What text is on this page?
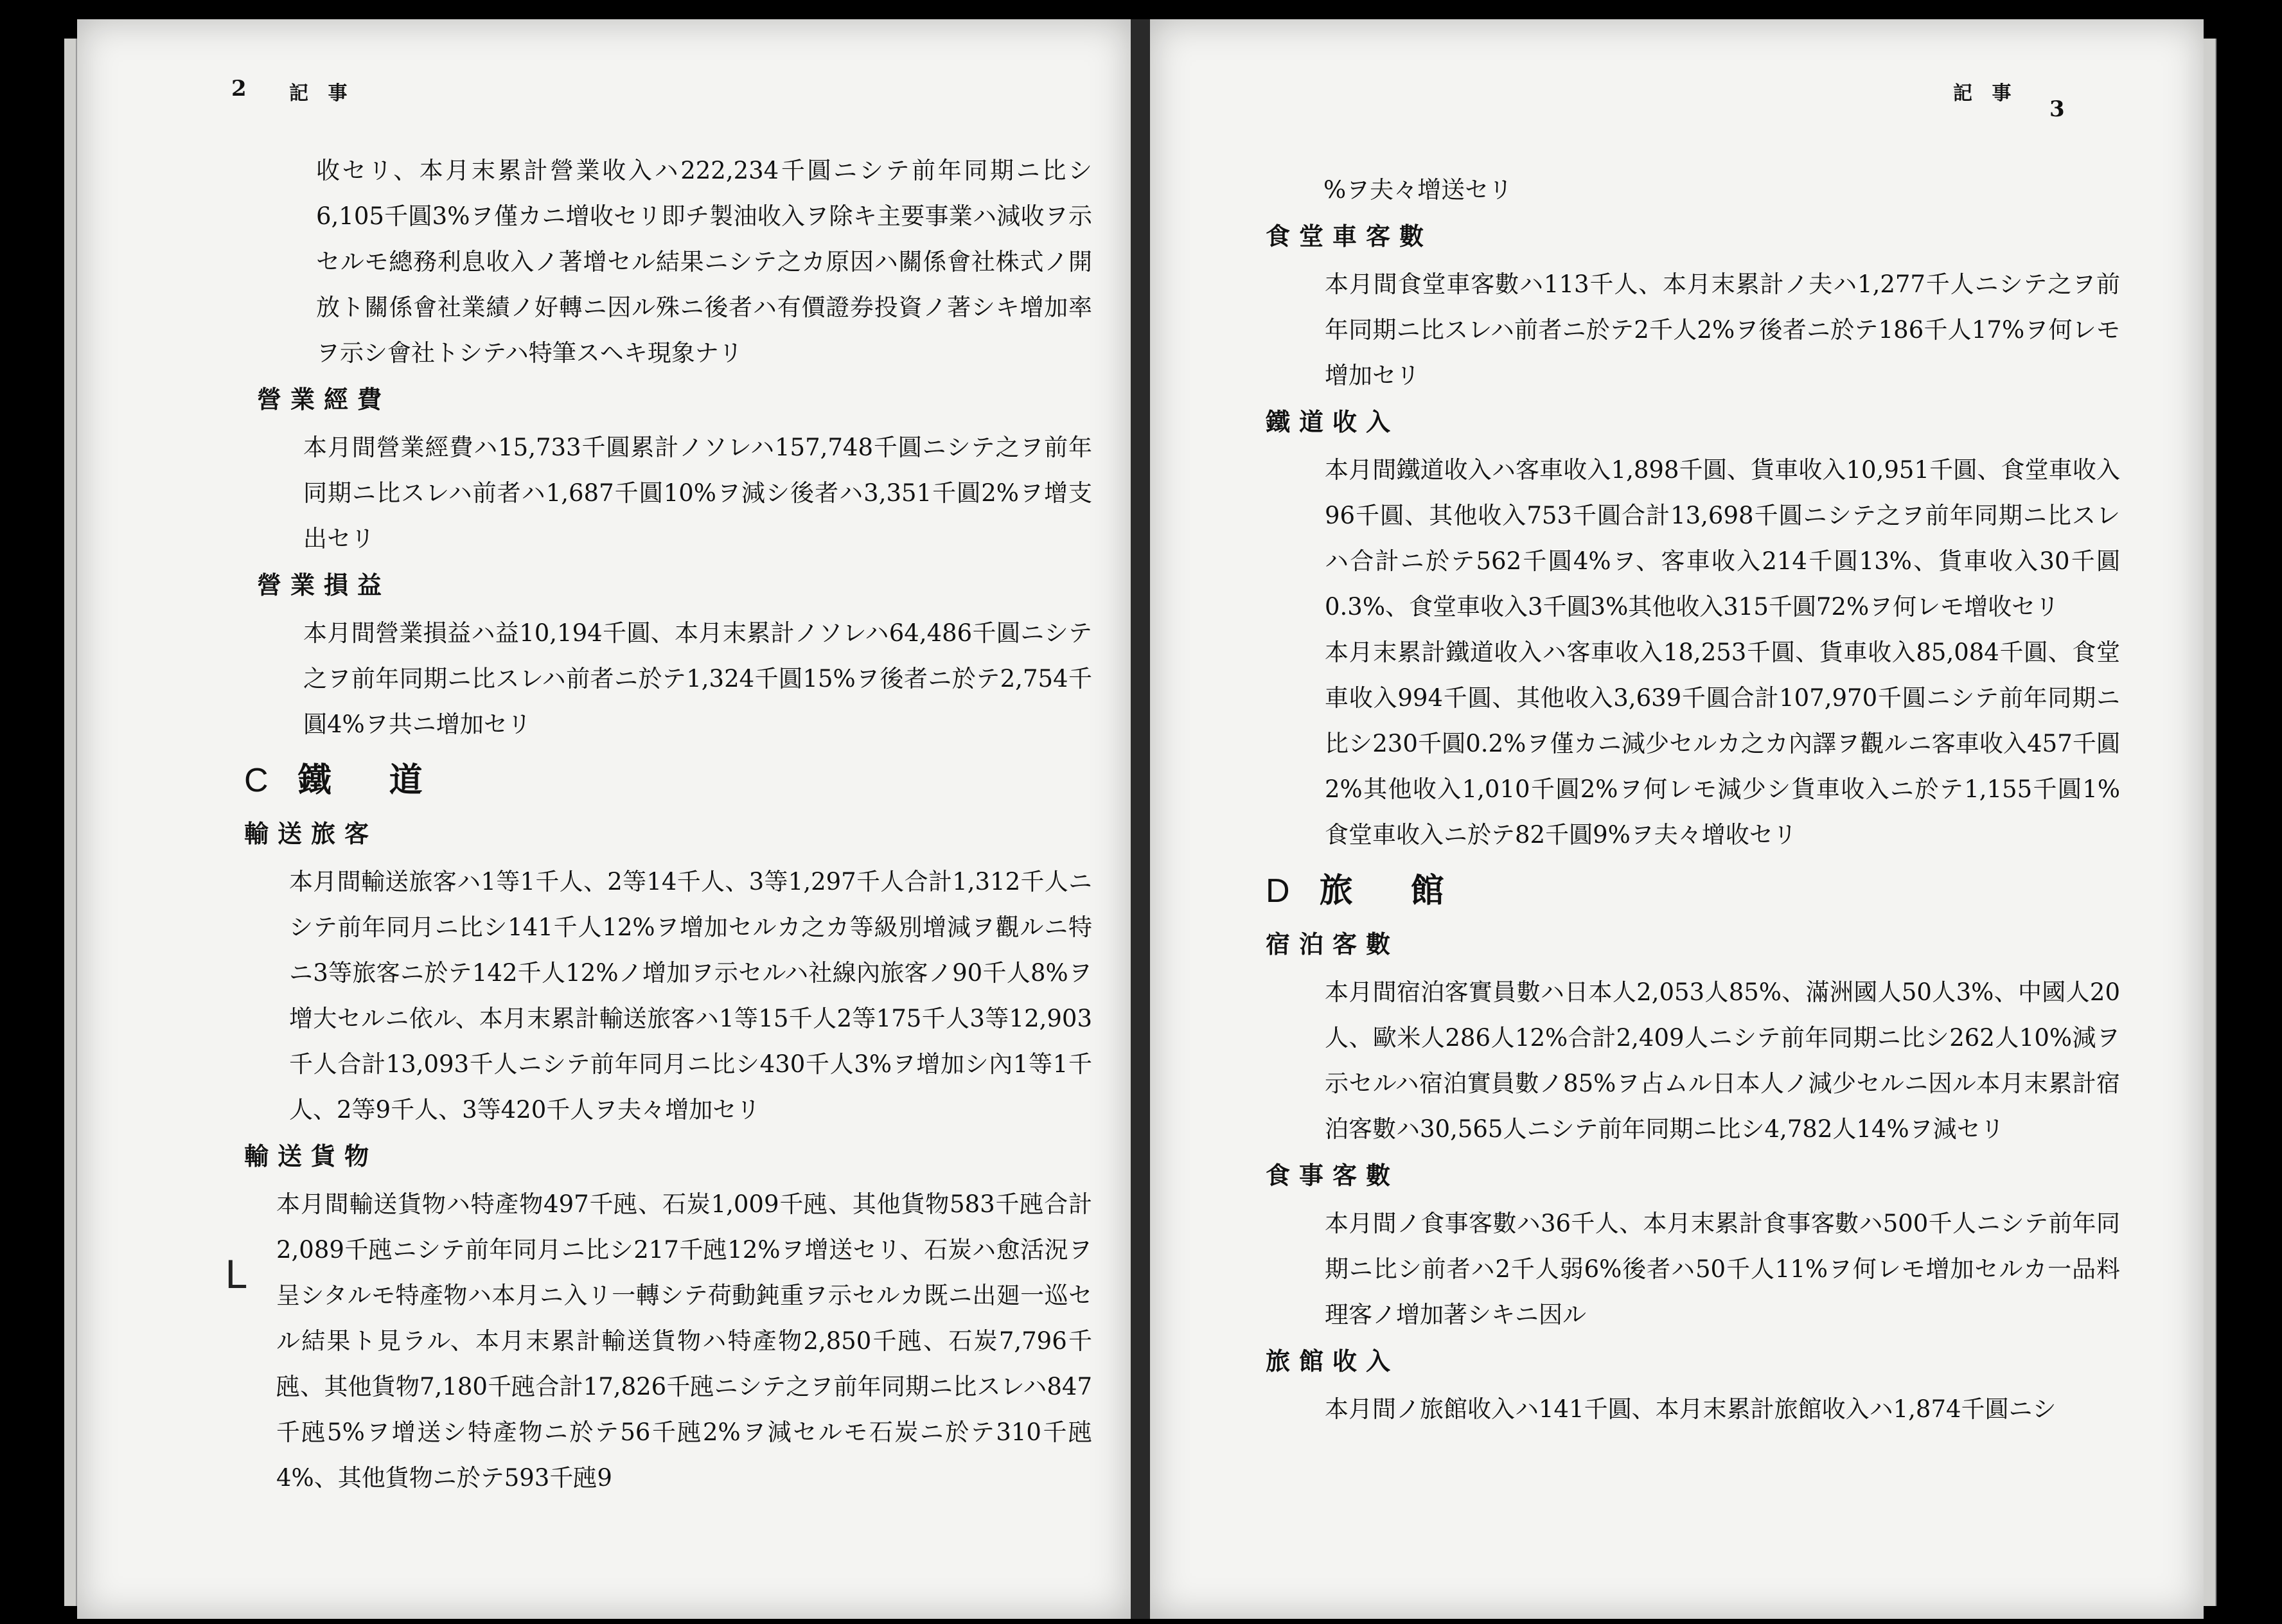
2 記 事

收セリ、本月末累計營業收入ハ222,234千圓ニシテ前年同期ニ比シ6,105千圓3%ヲ僅カニ增收セリ即チ製油收入ヲ除キ主要事業ハ減收ヲ示セルモ總務利息收入ノ著增セル結果ニシテ之カ原因ハ關係會社株式ノ開放ト關係會社業績ノ好轉ニ因ル殊ニ後者ハ有價證券投資ノ著シキ增加率ヲ示シ會社トシテハ特筆スヘキ現象ナリ

營業經費

本月間營業經費ハ15,733千圓累計ノソレハ157,748千圓ニシテ之ヲ前年同期ニ比スレハ前者ハ1,687千圓10%ヲ減シ後者ハ3,351千圓2%ヲ增支出セリ

營業損益

本月間營業損益ハ益10,194千圓、本月末累計ノソレハ64,486千圓ニシテ之ヲ前年同期ニ比スレハ前者ニ於テ1,324千圓15%ヲ後者ニ於テ2,754千圓4%ヲ共ニ增加セリ

C 鐵道
輸送旅客

本月間輸送旅客ハ1等1千人、2等14千人、3等1,297千人合計1,312千人ニシテ前年同月ニ比シ141千人12%ヲ增加セルカ之カ等級別增減ヲ觀ルニ特ニ3等旅客ニ於テ142千人12%ノ增加ヲ示セルハ社線內旅客ノ90千人8%ヲ增大セルニ依ル、本月末累計輸送旅客ハ1等15千人2等175千人3等12,903千人合計13,093千人ニシテ前年同月ニ比シ430千人3%ヲ增加シ內1等1千人、2等9千人、3等420千人ヲ夫々增加セリ

輸送貨物

本月間輸送貨物ハ特產物497千瓲、石炭1,009千瓲、其他貨物583千瓲合計2,089千瓲ニシテ前年同月ニ比シ217千瓲12%ヲ增送セリ、石炭ハ愈活況ヲ呈シタルモ特產物ハ本月ニ入リ一轉シテ荷動鈍重ヲ示セルカ既ニ出廻一巡セル結果ト見ラル、本月末累計輸送貨物ハ特產物2,850千瓲、石炭7,796千瓲、其他貨物7,180千瓲合計17,826千瓲ニシテ之ヲ前年同期ニ比スレハ847千瓲5%ヲ增送シ特產物ニ於テ56千瓲2%ヲ減セルモ石炭ニ於テ310千瓲4%、其他貨物ニ於テ593千瓲9

L
記 事
3

%ヲ夫々增送セリ

食堂車客數

本月間食堂車客數ハ113千人、本月末累計ノ夫ハ1,277千人ニシテ之ヲ前年同期ニ比スレハ前者ニ於テ2千人2%ヲ後者ニ於テ186千人17%ヲ何レモ增加セリ

鐵道收入

本月間鐵道收入ハ客車收入1,898千圓、貨車收入10,951千圓、食堂車收入96千圓、其他收入753千圓合計13,698千圓ニシテ之ヲ前年同期ニ比スレハ合計ニ於テ562千圓4%ヲ、客車收入214千圓13%、貨車收入30千圓0.3%、食堂車收入3千圓3%其他收入315千圓72%ヲ何レモ增收セリ

本月末累計鐵道收入ハ客車收入18,253千圓、貨車收入85,084千圓、食堂車收入994千圓、其他收入3,639千圓合計107,970千圓ニシテ前年同期ニ比シ230千圓0.2%ヲ僅カニ減少セルカ之カ內譯ヲ觀ルニ客車收入457千圓2%其他收入1,010千圓2%ヲ何レモ減少シ貨車收入ニ於テ1,155千圓1%食堂車收入ニ於テ82千圓9%ヲ夫々增收セリ

D 旅館
宿泊客數

本月間宿泊客實員數ハ日本人2,053人85%、滿洲國人50人3%、中國人20人、歐米人286人12%合計2,409人ニシテ前年同期ニ比シ262人10%減ヲ示セルハ宿泊實員數ノ85%ヲ占ムル日本人ノ減少セルニ因ル本月末累計宿泊客數ハ30,565人ニシテ前年同期ニ比シ4,782人14%ヲ減セリ

食事客數

本月間ノ食事客數ハ36千人、本月末累計食事客數ハ500千人ニシテ前年同期ニ比シ前者ハ2千人弱6%後者ハ50千人11%ヲ何レモ增加セルカ一品料理客ノ增加著シキニ因ル

旅館收入

本月間ノ旅館收入ハ141千圓、本月末累計旅館收入ハ1,874千圓ニシ
